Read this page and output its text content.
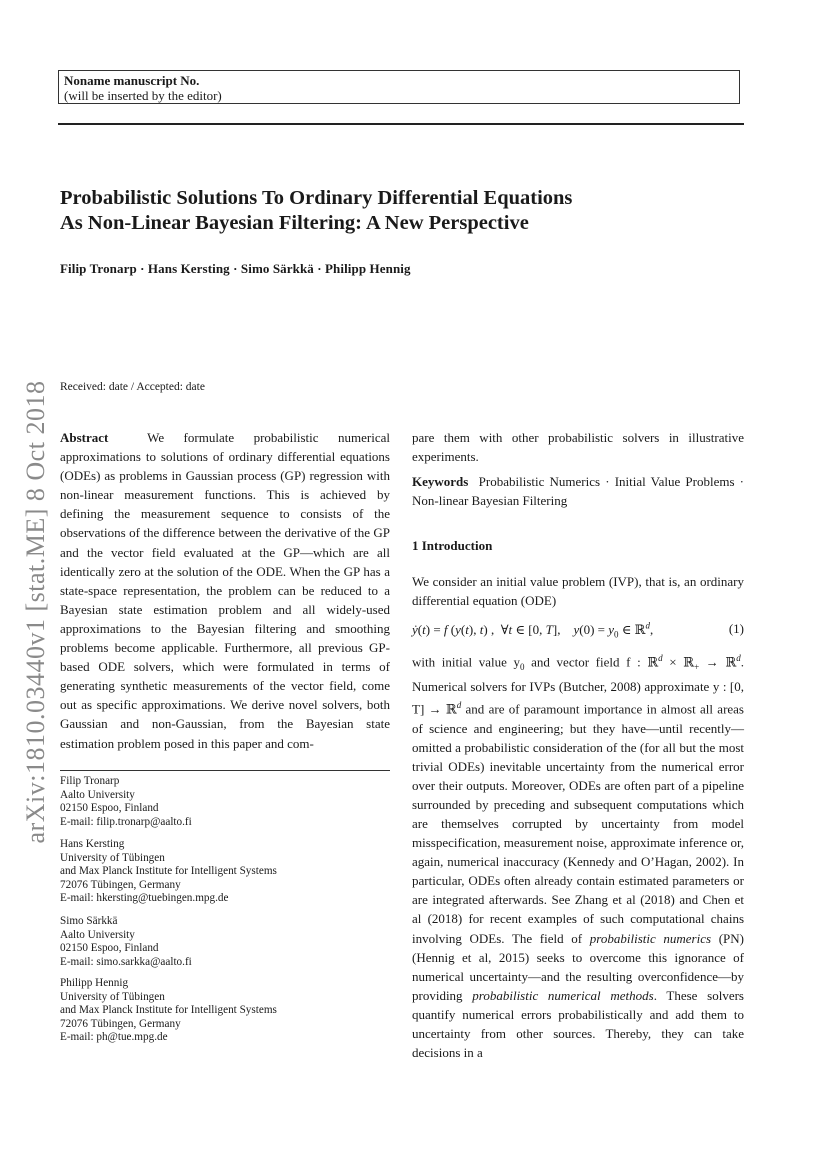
Noname manuscript No.
(will be inserted by the editor)
Probabilistic Solutions To Ordinary Differential Equations
As Non-Linear Bayesian Filtering: A New Perspective
Filip Tronarp · Hans Kersting · Simo Särkkä · Philipp Hennig
arXiv:1810.03440v1 [stat.ME] 8 Oct 2018 Received: date / Accepted: date
Abstract	We formulate probabilistic numerical approximations to solutions of ordinary differential equations (ODEs) as problems in Gaussian process (GP) regression with non-linear measurement functions. This is achieved by defining the measurement sequence to consists of the observations of the difference between the derivative of the GP and the vector field evaluated at the GP—which are all identically zero at the solution of the ODE. When the GP has a state-space representation, the problem can be reduced to a Bayesian state estimation problem and all widely-used approximations to the Bayesian filtering and smoothing problems become applicable. Furthermore, all previous GP-based ODE solvers, which were formulated in terms of generating synthetic measurements of the vector field, come out as specific approximations. We derive novel solvers, both Gaussian and non-Gaussian, from the Bayesian state estimation problem posed in this paper and com-
Filip Tronarp
Aalto University
02150 Espoo, Finland
E-mail: filip.tronarp@aalto.fi
Hans Kersting
University of Tübingen
and Max Planck Institute for Intelligent Systems
72076 Tübingen, Germany
E-mail: hkersting@tuebingen.mpg.de
Simo Särkkä
Aalto University
02150 Espoo, Finland
E-mail: simo.sarkka@aalto.fi
Philipp Hennig
University of Tübingen
and Max Planck Institute for Intelligent Systems
72076 Tübingen, Germany
E-mail: ph@tue.mpg.de
pare them with other probabilistic solvers in illustrative experiments.
Keywords Probabilistic Numerics · Initial Value Problems · Non-linear Bayesian Filtering
1 Introduction
We consider an initial value problem (IVP), that is, an ordinary differential equation (ODE)
ẏ(t) = f (y(t), t) ,  ∀t ∈ [0, T],    $y(0) = y_0$ ∈ ℝ$^d$,	(1)
with initial value $y_0$ and vector field f : ℝ$^d$ × ℝ$_+$ → ℝ$^d$. Numerical solvers for IVPs (Butcher, 2008) approximate y : [0, T] → ℝ$^d$ and are of paramount importance in almost all areas of science and engineering; but they have—until recently—omitted a probabilistic consideration of the (for all but the most trivial ODEs) inevitable uncertainty from the numerical error over their outputs. Moreover, ODEs are often part of a pipeline surrounded by preceding and subsequent computations which are themselves corrupted by uncertainty from model misspecification, measurement noise, approximate inference or, again, numerical inaccuracy (Kennedy and O’Hagan, 2002). In particular, ODEs often already contain estimated parameters or are integrated afterwards. See Zhang et al (2018) and Chen et al (2018) for recent examples of such computational chains involving ODEs. The field of probabilistic numerics (PN) (Hennig et al, 2015) seeks to overcome this ignorance of numerical uncertainty—and the resulting overconfidence—by providing probabilistic numerical methods. These solvers quantify numerical errors probabilistically and add them to uncertainty from other sources. Thereby, they can take decisions in a
